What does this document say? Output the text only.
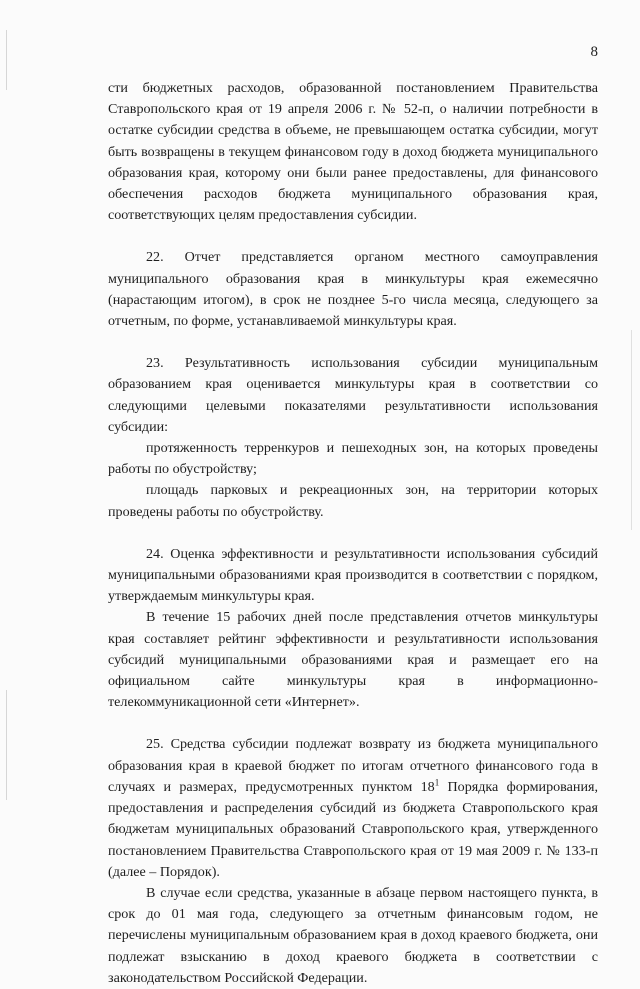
8

сти бюджетных расходов, образованной постановлением Правительства Ставропольского края от 19 апреля 2006 г. № 52-п, о наличии потребности в остатке субсидии средства в объеме, не превышающем остатка субсидии, могут быть возвращены в текущем финансовом году в доход бюджета муниципального образования края, которому они были ранее предоставлены, для финансового обеспечения расходов бюджета муниципального образования края, соответствующих целям предоставления субсидии.

22. Отчет представляется органом местного самоуправления муниципального образования края в минкультуры края ежемесячно (нарастающим итогом), в срок не позднее 5-го числа месяца, следующего за отчетным, по форме, устанавливаемой минкультуры края.

23. Результативность использования субсидии муниципальным образованием края оценивается минкультуры края в соответствии со следующими целевыми показателями результативности использования субсидии:

протяженность терренкуров и пешеходных зон, на которых проведены работы по обустройству;

площадь парковых и рекреационных зон, на территории которых проведены работы по обустройству.

24. Оценка эффективности и результативности использования субсидий муниципальными образованиями края производится в соответствии с порядком, утверждаемым минкультуры края.

В течение 15 рабочих дней после представления отчетов минкультуры края составляет рейтинг эффективности и результативности использования субсидий муниципальными образованиями края и размещает его на официальном сайте минкультуры края в информационно-телекоммуникационной сети «Интернет».

25. Средства субсидии подлежат возврату из бюджета муниципального образования края в краевой бюджет по итогам отчетного финансового года в случаях и размерах, предусмотренных пунктом $18^1$ Порядка формирования, предоставления и распределения субсидий из бюджета Ставропольского края бюджетам муниципальных образований Ставропольского края, утвержденного постановлением Правительства Ставропольского края от 19 мая 2009 г. № 133-п (далее – Порядок).

В случае если средства, указанные в абзаце первом настоящего пункта, в срок до 01 мая года, следующего за отчетным финансовым годом, не перечислены муниципальным образованием края в доход краевого бюджета, они подлежат взысканию в доход краевого бюджета в соответствии с законодательством Российской Федерации.
